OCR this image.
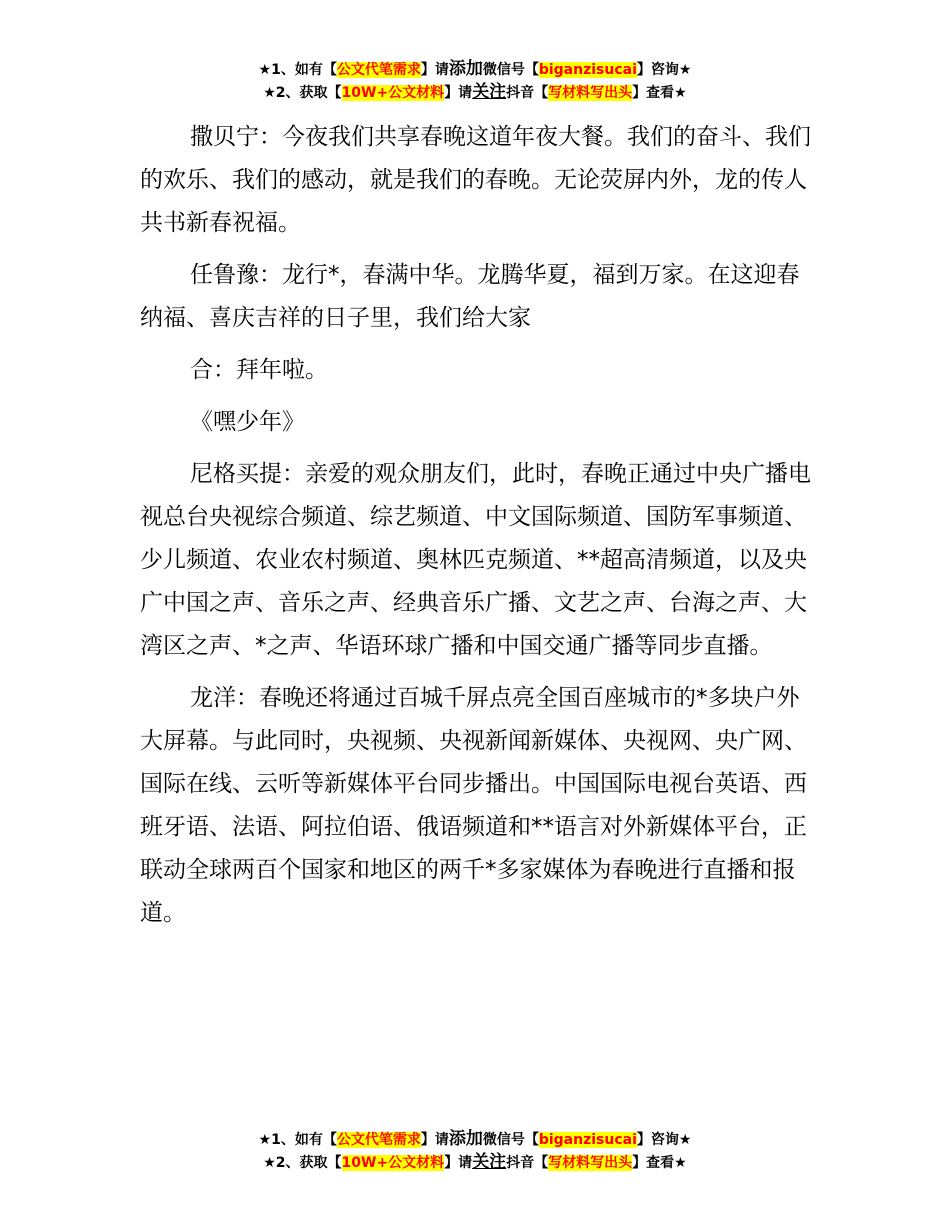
★1、如有【公文代笔需求】请添加微信号【biganzisucai】咨询★
★2、获取【10W+公文材料】请关注抖音【写材料写出头】查看★

撒贝宁：今夜我们共享春晚这道年夜大餐。我们的奋斗、我们的欢乐、我们的感动，就是我们的春晚。无论荧屏内外，龙的传人共书新春祝福。

任鲁豫：龙行*，春满中华。龙腾华夏，福到万家。在这迎春纳福、喜庆吉祥的日子里，我们给大家

合：拜年啦。

《嘿少年》

尼格买提：亲爱的观众朋友们，此时，春晚正通过中央广播电视总台央视综合频道、综艺频道、中文国际频道、国防军事频道、少儿频道、农业农村频道、奥林匹克频道、**超高清频道，以及央广中国之声、音乐之声、经典音乐广播、文艺之声、台海之声、大湾区之声、*之声、华语环球广播和中国交通广播等同步直播。

龙洋：春晚还将通过百城千屏点亮全国百座城市的*多块户外大屏幕。与此同时，央视频、央视新闻新媒体、央视网、央广网、国际在线、云听等新媒体平台同步播出。中国国际电视台英语、西班牙语、法语、阿拉伯语、俄语频道和**语言对外新媒体平台，正联动全球两百个国家和地区的两千*多家媒体为春晚进行直播和报道。

★1、如有【公文代笔需求】请添加微信号【biganzisucai】咨询★
★2、获取【10W+公文材料】请关注抖音【写材料写出头】查看★
